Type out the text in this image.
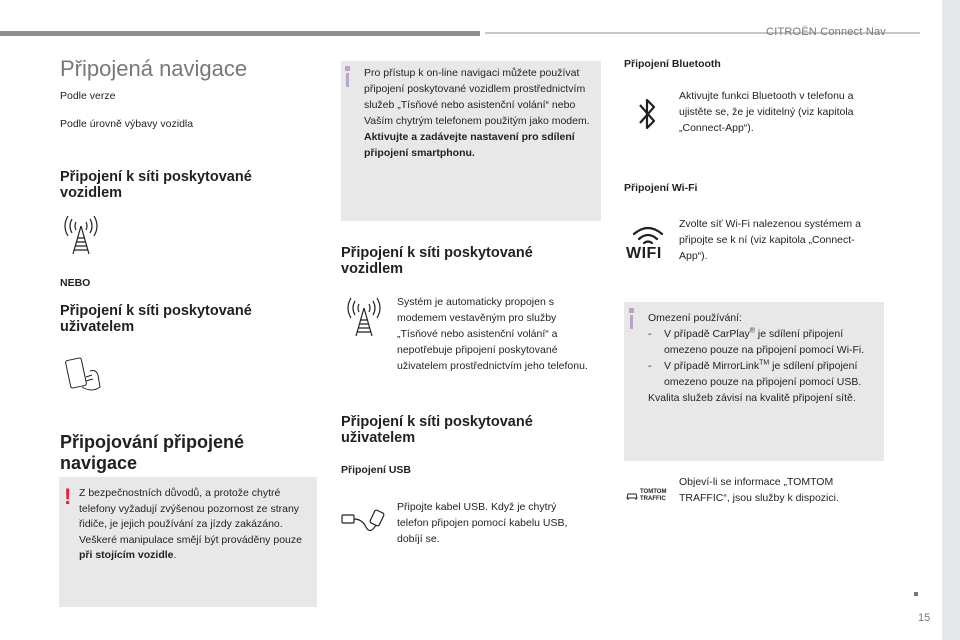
CITROËN Connect Nav
15
Připojená navigace
Podle verze
Podle úrovně výbavy vozidla
Připojení k síti poskytované vozidlem
NEBO
Připojení k síti poskytované uživatelem
Připojování připojené navigace
! Z bezpečnostních důvodů, a protože chytré telefony vyžadují zvýšenou pozornost ze strany řidiče, je jejich používání za jízdy zakázáno.
Veškeré manipulace smějí být prováděny pouze při stojícím vozidle.
Pro přístup k on-line navigaci můžete používat připojení poskytované vozidlem prostřednictvím služeb „Tísňové nebo asistenční volání“ nebo Vaším chytrým telefonem použitým jako modem.
Aktivujte a zadávejte nastavení pro sdílení připojení smartphonu.
Připojení k síti poskytované vozidlem
Systém je automaticky propojen s modemem vestavěným pro služby „Tísňové nebo asistenční volání“ a nepotřebuje připojení poskytované uživatelem prostřednictvím jeho telefonu.
Připojení k síti poskytované uživatelem
Připojení USB
Připojte kabel USB. Když je chytrý telefon připojen pomocí kabelu USB, dobíjí se.
Připojení Bluetooth
Aktivujte funkci Bluetooth v telefonu a ujistěte se, že je viditelný (viz kapitola „Connect-App“).
Připojení Wi-Fi
WIFI
Zvolte síť Wi-Fi nalezenou systémem a připojte se k ní (viz kapitola „Connect-App“).
Omezení používání:
-	V případě CarPlay® je sdílení připojení omezeno pouze na připojení pomocí Wi-Fi.
-	V případě MirrorLink™ je sdílení připojení omezeno pouze na připojení pomocí USB.
Kvalita služeb závisí na kvalitě připojení sítě.
TOMTOM
TRAFFIC
Objeví-li se informace „TOMTOM TRAFFIC“, jsou služby k dispozici.
